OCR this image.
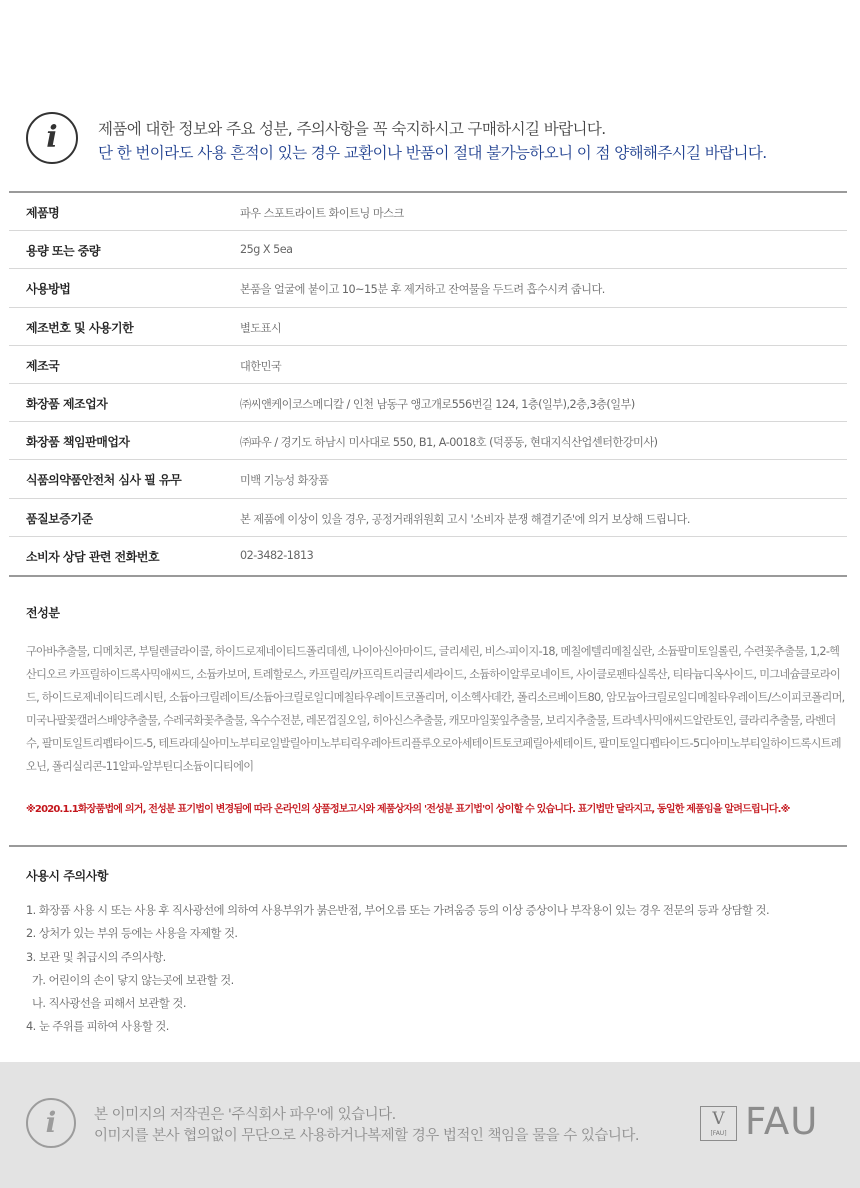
i	제품에 대한 정보와 주요 성분, 주의사항을 꼭 숙지하시고 구매하시길 바랍니다.
단 한 번이라도 사용 흔적이 있는 경우 교환이나 반품이 절대 불가능하오니 이 점 양해해주시길 바랍니다.
제품명	파우 스포트라이트 화이트닝 마스크
용량 또는 중량	25g X 5ea
사용방법	본품을 얼굴에 붙이고 10~15분 후 제거하고 잔여물을 두드려 흡수시켜 줍니다.
제조번호 및 사용기한	별도표시
제조국	대한민국
화장품 제조업자	㈜씨앤케이코스메디칼 / 인천 남동구 앵고개로556번길 124, 1층(일부),2층,3층(일부)
화장품 책임판매업자	㈜파우 / 경기도 하남시 미사대로 550, B1, A-0018호 (덕풍동, 현대지식산업센터한강미사)
식품의약품안전처 심사 필 유무	미백 기능성 화장품
품질보증기준	본 제품에 이상이 있을 경우, 공정거래위원회 고시 '소비자 분쟁 해결기준'에 의거 보상해 드립니다.
소비자 상담 관련 전화번호	02-3482-1813
전성분
구아바추출물, 디메치콘, 부틸렌글라이콜, 하이드로제네이티드폴리데센, 나이아신아마이드, 글리세린, 비스-피이지-18, 메칠에텔리메칠실란, 소듐팔미토일롤린, 수련꽃추출물, 1,2-헥산디오르 카프릴하이드록사믹애씨드, 소듐카보머, 트레할로스, 카프릴릭/카프릭트리글리세라이드, 소듐하이알루로네이트, 사이클로펜타실록산, 티타늄디옥사이드, 미그네슘클로라이드, 하이드로제네이티드레시틴, 소듐아크릴레이트/소듐아크릴로일디메칠타우레이트코폴리머, 이소헥사데칸, 폴리소르베이트80, 암모늄아크릴로일디메칠타우레이트/스이피코폴리머, 미국나팔꽃캘러스배양추출물, 수레국화꽃추출물, 옥수수전분, 레몬껍질오일, 히아신스추출물, 캐모마일꽃잎추출물, 보리지추출물, 트라넥사믹애씨드알란토인, 클라리추출물, 라벤더수, 팔미토일트리펩타이드-5, 테트라데실아미노부티로일발릴아미노부티릭우레아트리플루오로아세테이트토코페릴아세테이트, 팔미토일디펩타이드-5디아미노부티일하이드록시트레오닌, 폴리실리콘-11알파-알부틴디소듐이디티에이
※2020.1.1화장품법에 의거, 전성분 표기법이 변경됨에 따라 온라인의 상품정보고시와 제품상자의 '전성분 표기법'이 상이할 수 있습니다. 표기법만 달라지고, 동일한 제품임을 알려드립니다.※
사용시 주의사항
1. 화장품 사용 시 또는 사용 후 직사광선에 의하여 사용부위가 붉은반점, 부어오름 또는 가려움증 등의 이상 증상이나 부작용이 있는 경우 전문의 등과 상담할 것.
2. 상처가 있는 부위 등에는 사용을 자제할 것.
3. 보관 및 취급시의 주의사항.
가. 어린이의 손이 닿지 않는곳에 보관할 것.
나. 직사광선을 피해서 보관할 것.
4. 눈 주위를 피하여 사용할 것.
i	본 이미지의 저작권은 '주식회사 파우'에 있습니다.
이미지를 본사 협의없이 무단으로 사용하거나복제할 경우 법적인 책임을 물을 수 있습니다.
V
[FAU] FAU
